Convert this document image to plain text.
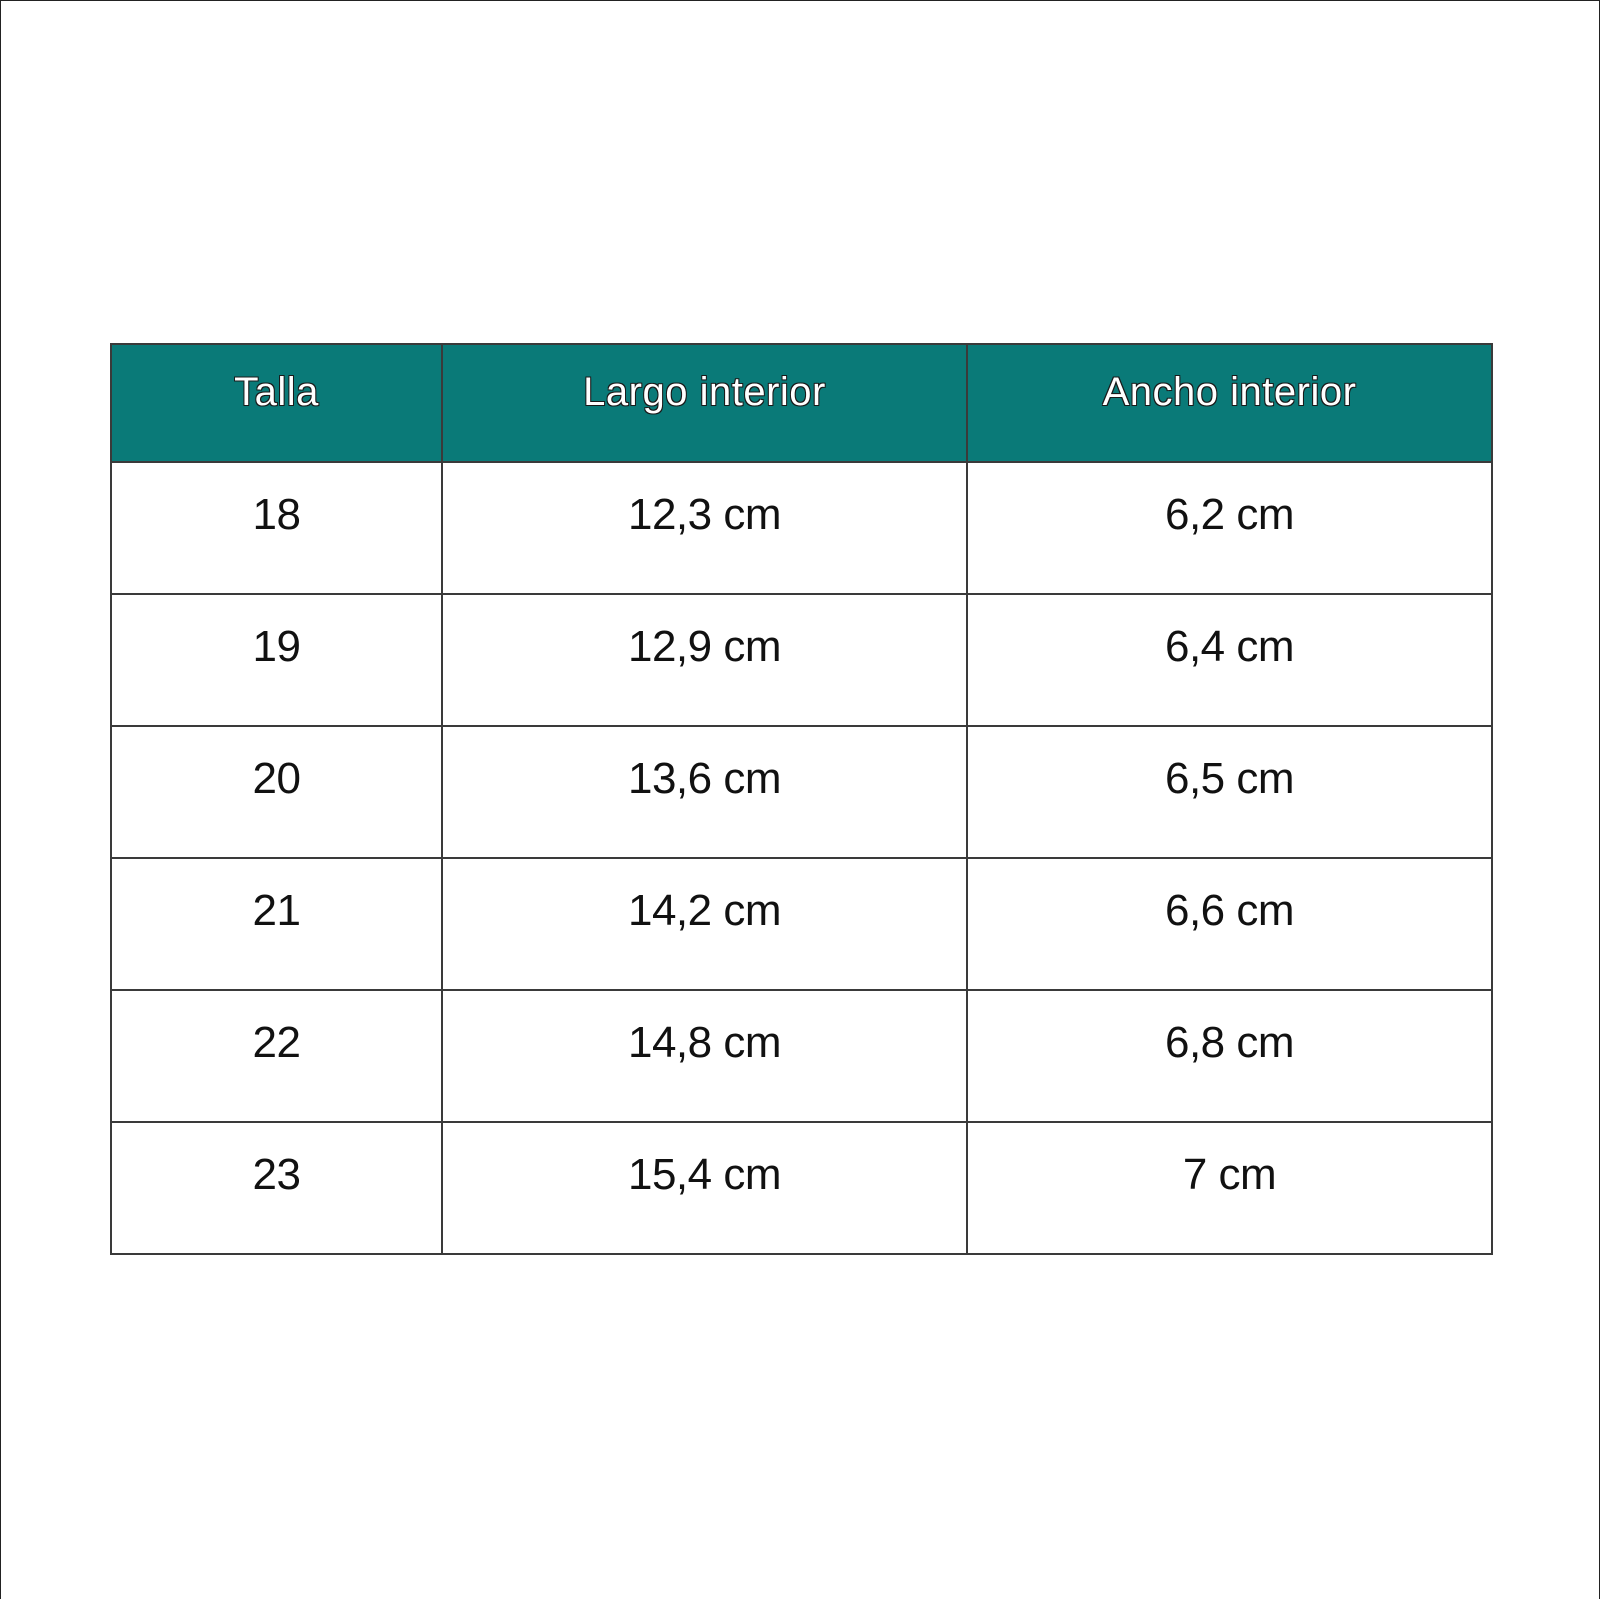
Talla	Largo interior	Ancho interior
18	12,3 cm	6,2 cm
19	12,9 cm	6,4 cm
20	13,6 cm	6,5 cm
21	14,2 cm	6,6 cm
22	14,8 cm	6,8 cm
23	15,4 cm	7 cm
